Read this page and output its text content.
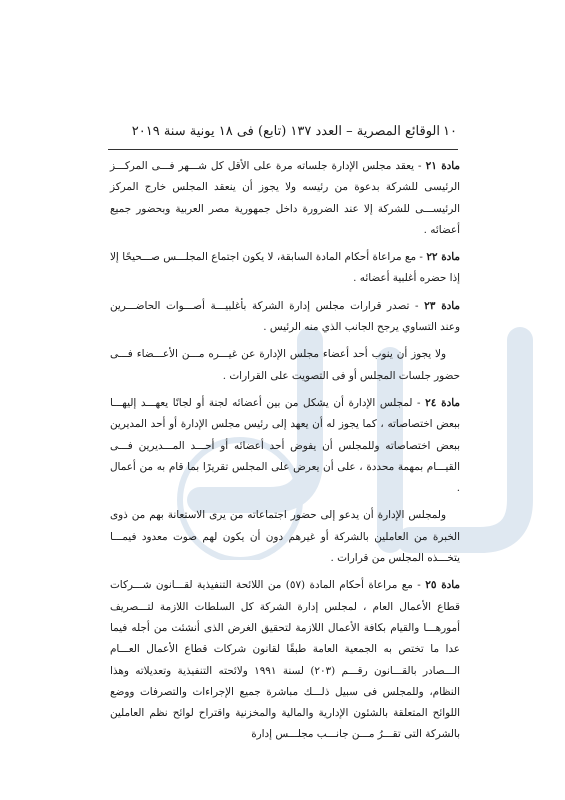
١٠
الوقائع المصرية – العدد ١٣٧ (تابع) فى ١٨ يونية سنة ٢٠١٩

مادة ٢١ - يعقد مجلس الإدارة جلساته مرة على الأقل كل شـــهر فـــى المركـــز الرئيسى للشركة بدعوة من رئيسه ولا يجوز أن ينعقد المجلس خارج المركز الرئيســـى للشركة إلا عند الضرورة داخل جمهورية مصر العربية وبحضور جميع أعضائه .

مادة ٢٢ - مع مراعاة أحكام المادة السابقة، لا يكون اجتماع المجلـــس صـــحيحًا إلا إذا حضره أغلبية أعضائه .

مادة ٢٣ - تصدر قرارات مجلس إدارة الشركة بأغلبيـــة أصـــوات الحاضـــرين وعند التساوي يرجح الجانب الذي منه الرئيس .

ولا يجوز أن ينوب أحد أعضاء مجلس الإدارة عن غيـــره مـــن الأعـــضاء فـــى حضور جلسات المجلس أو فى التصويت على القرارات .

مادة ٢٤ - لمجلس الإدارة أن يشكل من بين أعضائه لجنة أو لجانًا يعهـــد إليهـــا ببعض اختصاصاته ، كما يجوز له أن يعهد إلى رئيس مجلس الإدارة أو أحد المديرين ببعض اختصاصاته وللمجلس أن يفوض أحد أعضائه أو أحـــد المـــديرين فـــى القيـــام بمهمة محددة ، على أن يعرض على المجلس تقريرًا بما قام به من أعمال .

ولمجلس الإدارة أن يدعو إلى حضور اجتماعاته من يرى الاستعانة بهم من ذوى الخبرة من العاملين بالشركة أو غيرهم دون أن يكون لهم صوت معدود فيمـــا يتخـــذه المجلس من قرارات .

مادة ٢٥ - مع مراعاة أحكام المادة (٥٧) من اللائحة التنفيذية لقـــانون شـــركات قطاع الأعمال العام ، لمجلس إدارة الشركة كل السلطات اللازمة لتـــصريف أمورهـــا والقيام بكافة الأعمال اللازمة لتحقيق الغرض الذى أنشئت من أجله فيما عدا ما تختص به الجمعية العامة طبقًا لقانون شركات قطاع الأعمال العـــام الـــصادر بالقـــانون رقـــم (٢٠٣) لسنة ١٩٩١ ولائحته التنفيذية وتعديلاته وهذا النظام، وللمجلس فى سبيل ذلـــك مباشرة جميع الإجراءات والتصرفات ووضع اللوائح المتعلقة بالشئون الإدارية والمالية والمخزنية واقتراح لوائح نظم العاملين بالشركة التى تقـــرُ مـــن جانـــب مجلـــس إدارة
